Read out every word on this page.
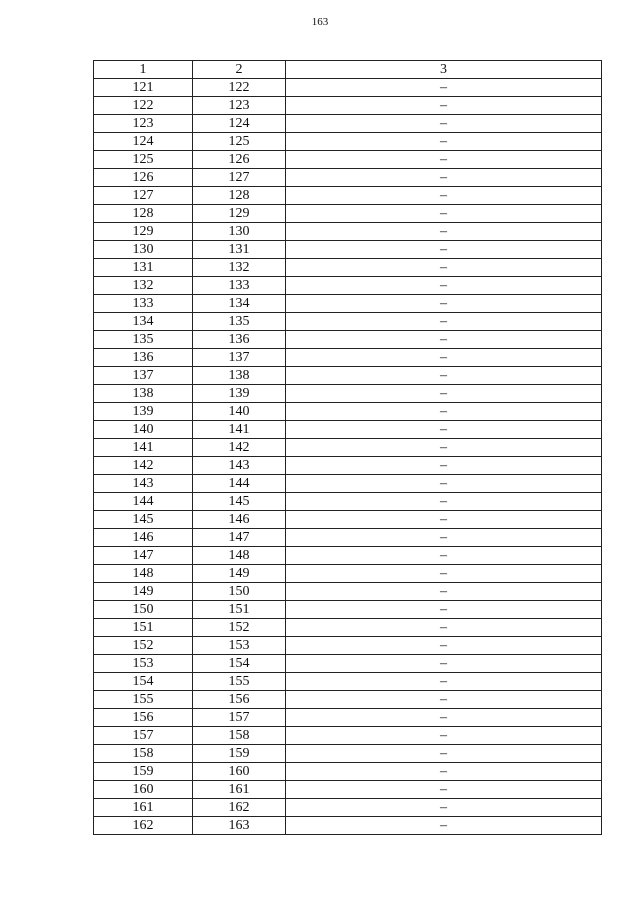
163
1	2	3
121	122	–
122	123	–
123	124	–
124	125	–
125	126	–
126	127	–
127	128	–
128	129	–
129	130	–
130	131	–
131	132	–
132	133	–
133	134	–
134	135	–
135	136	–
136	137	–
137	138	–
138	139	–
139	140	–
140	141	–
141	142	–
142	143	–
143	144	–
144	145	–
145	146	–
146	147	–
147	148	–
148	149	–
149	150	–
150	151	–
151	152	–
152	153	–
153	154	–
154	155	–
155	156	–
156	157	–
157	158	–
158	159	–
159	160	–
160	161	–
161	162	–
162	163	–
